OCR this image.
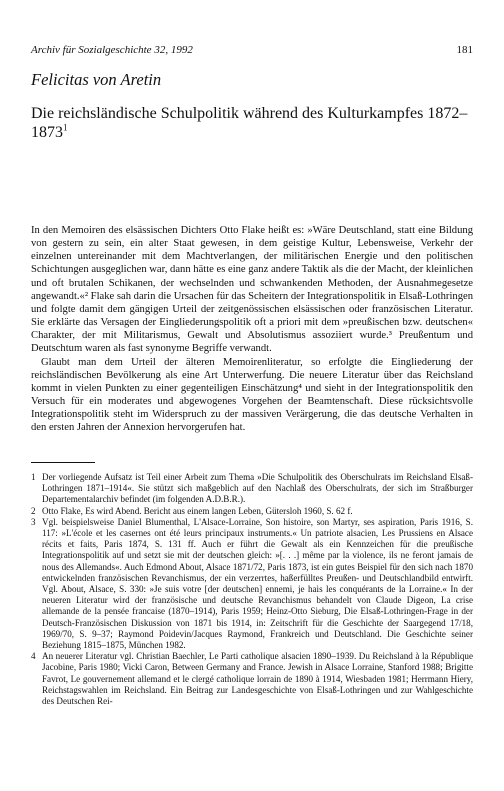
Archiv für Sozialgeschichte 32, 1992	181
Felicitas von Aretin
Die reichsländische Schulpolitik während des Kulturkampfes 1872–1873$^1$

In den Memoiren des elsässischen Dichters Otto Flake heißt es: »Wäre Deutschland, statt eine Bildung von gestern zu sein, ein alter Staat gewesen, in dem geistige Kultur, Lebensweise, Verkehr der einzelnen untereinander mit dem Machtverlangen, der militärischen Energie und den politischen Schichtungen ausgeglichen war, dann hätte es eine ganz andere Taktik als die der Macht, der kleinlichen und oft brutalen Schikanen, der wechselnden und schwankenden Methoden, der Ausnahmegesetze angewandt.«² Flake sah darin die Ursachen für das Scheitern der Integrationspolitik in Elsaß-Lothringen und folgte damit dem gängigen Urteil der zeitgenössischen elsässischen oder französischen Literatur. Sie erklärte das Versagen der Eingliederungspolitik oft a priori mit dem »preußischen bzw. deutschen« Charakter, der mit Militarismus, Gewalt und Absolutismus assoziiert wurde.³ Preußentum und Deutschtum waren als fast synonyme Begriffe verwandt.

Glaubt man dem Urteil der älteren Memoirenliteratur, so erfolgte die Eingliederung der reichsländischen Bevölkerung als eine Art Unterwerfung. Die neuere Literatur über das Reichsland kommt in vielen Punkten zu einer gegenteiligen Einschätzung⁴ und sieht in der Integrationspolitik den Versuch für ein moderates und abgewogenes Vorgehen der Beamtenschaft. Diese rücksichtsvolle Integrationspolitik steht im Widerspruch zu der massiven Verärgerung, die das deutsche Verhalten in den ersten Jahren der Annexion hervorgerufen hat.

1 Der vorliegende Aufsatz ist Teil einer Arbeit zum Thema »Die Schulpolitik des Oberschulrats im Reichsland Elsaß-Lothringen 1871–1914«. Sie stützt sich maßgeblich auf den Nachlaß des Oberschulrats, der sich im Straßburger Departementalarchiv befindet (im folgenden A.D.B.R.).
2 Otto Flake, Es wird Abend. Bericht aus einem langen Leben, Gütersloh 1960, S. 62 f.
3 Vgl. beispielsweise Daniel Blumenthal, L'Alsace-Lorraine, Son histoire, son Martyr, ses aspiration, Paris 1916, S. 117: »L'école et les casernes ont été leurs principaux instruments.« Un patriote alsacien, Les Prussiens en Alsace récits et faits, Paris 1874, S. 131 ff. Auch er führt die Gewalt als ein Kennzeichen für die preußische Integrationspolitik auf und setzt sie mit der deutschen gleich: »[. . .] même par la violence, ils ne feront jamais de nous des Allemands«. Auch Edmond About, Alsace 1871/72, Paris 1873, ist ein gutes Beispiel für den sich nach 1870 entwickelnden französischen Revanchismus, der ein verzerrtes, haßerfülltes Preußen- und Deutschlandbild entwirft. Vgl. About, Alsace, S. 330: »Je suis votre [der deutschen] ennemi, je hais les conquérants de la Lorraine.« In der neueren Literatur wird der französische und deutsche Revanchismus behandelt von Claude Digeon, La crise allemande de la pensée francaise (1870–1914), Paris 1959; Heinz-Otto Sieburg, Die Elsaß-Lothringen-Frage in der Deutsch-Französischen Diskussion von 1871 bis 1914, in: Zeitschrift für die Geschichte der Saargegend 17/18, 1969/70, S. 9–37; Raymond Poidevin/Jacques Raymond, Frankreich und Deutschland. Die Geschichte seiner Beziehung 1815–1875, München 1982.
4 An neuerer Literatur vgl. Christian Baechler, Le Parti catholique alsacien 1890–1939. Du Reichsland à la République Jacobine, Paris 1980; Vicki Caron, Between Germany and France. Jewish in Alsace Lorraine, Stanford 1988; Brigitte Favrot, Le gouvernement allemand et le clergé catholique lorrain de 1890 à 1914, Wiesbaden 1981; Herrmann Hiery, Reichstagswahlen im Reichsland. Ein Beitrag zur Landesgeschichte von Elsaß-Lothringen und zur Wahlgeschichte des Deutschen Rei-
